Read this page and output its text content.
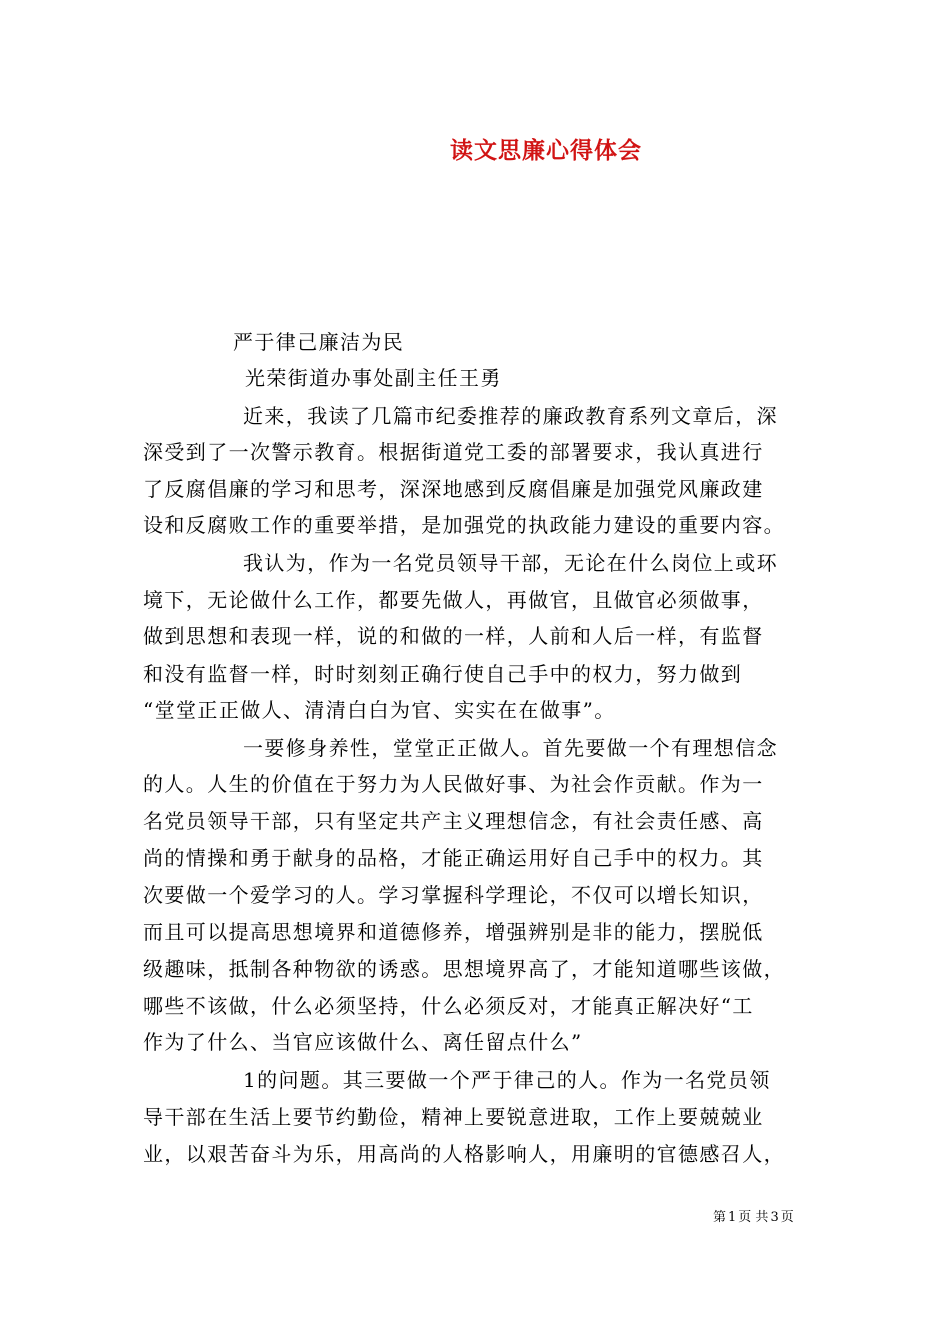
读文思廉心得体会
严于律己廉洁为民
光荣街道办事处副主任王勇
近来，我读了几篇市纪委推荐的廉政教育系列文章后，深
深受到了一次警示教育。根据街道党工委的部署要求，我认真进行
了反腐倡廉的学习和思考，深深地感到反腐倡廉是加强党风廉政建
设和反腐败工作的重要举措，是加强党的执政能力建设的重要内容。
我认为，作为一名党员领导干部，无论在什么岗位上或环
境下，无论做什么工作，都要先做人，再做官，且做官必须做事，
做到思想和表现一样，说的和做的一样，人前和人后一样，有监督
和没有监督一样，时时刻刻正确行使自己手中的权力，努力做到
“堂堂正正做人、清清白白为官、实实在在做事”。
一要修身养性，堂堂正正做人。首先要做一个有理想信念
的人。人生的价值在于努力为人民做好事、为社会作贡献。作为一
名党员领导干部，只有坚定共产主义理想信念，有社会责任感、高
尚的情操和勇于献身的品格，才能正确运用好自己手中的权力。其
次要做一个爱学习的人。学习掌握科学理论，不仅可以增长知识，
而且可以提高思想境界和道德修养，增强辨别是非的能力，摆脱低
级趣味，抵制各种物欲的诱惑。思想境界高了，才能知道哪些该做，
哪些不该做，什么必须坚持，什么必须反对，才能真正解决好“工
作为了什么、当官应该做什么、离任留点什么”
1的问题。其三要做一个严于律己的人。作为一名党员领
导干部在生活上要节约勤俭，精神上要锐意进取，工作上要兢兢业
业，以艰苦奋斗为乐，用高尚的人格影响人，用廉明的官德感召人，
第 1 页 共 3 页
